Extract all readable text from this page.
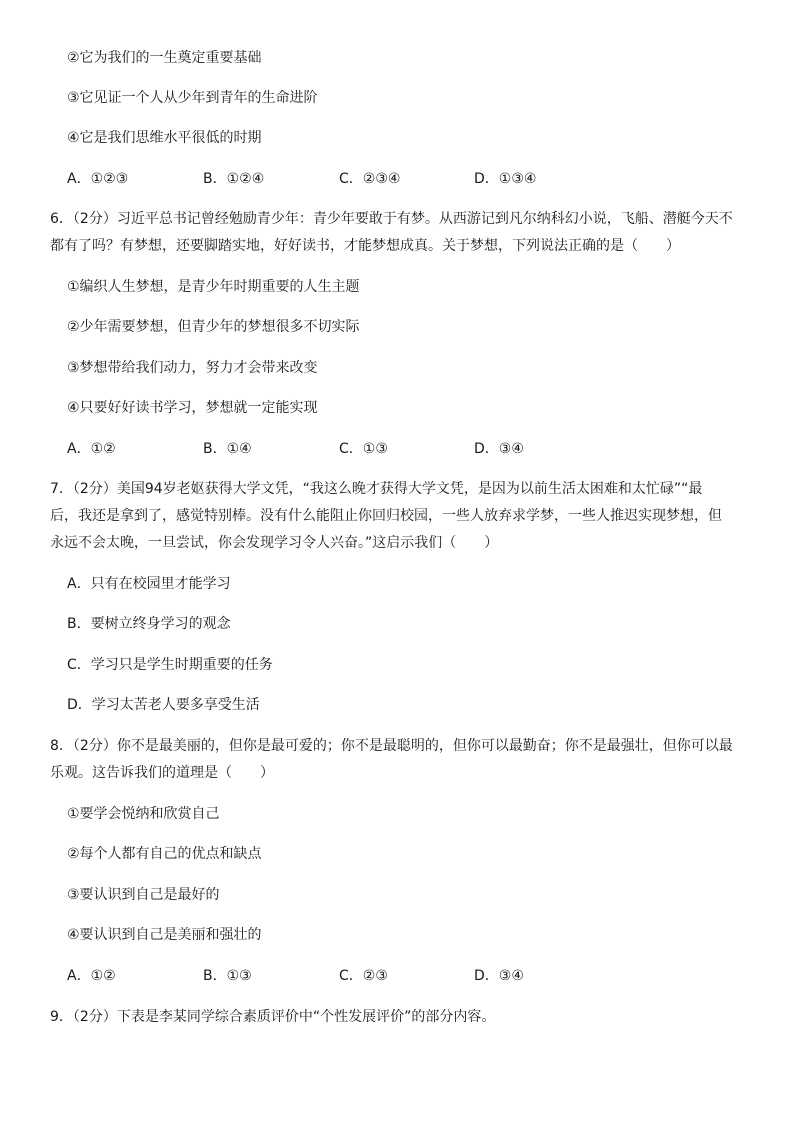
②它为我们的一生奠定重要基础
③它见证一个人从少年到青年的生命进阶
④它是我们思维水平很低的时期
A．①②③	B．①②④	C．②③④	D．①③④
6．（2分）习近平总书记曾经勉励青少年：青少年要敢于有梦。从西游记到凡尔纳科幻小说，飞船、潜艇今天不
都有了吗？有梦想，还要脚踏实地，好好读书，才能梦想成真。关于梦想，下列说法正确的是（　　）
①编织人生梦想，是青少年时期重要的人生主题
②少年需要梦想，但青少年的梦想很多不切实际
③梦想带给我们动力，努力才会带来改变
④只要好好读书学习，梦想就一定能实现
A．①②	B．①④	C．①③	D．③④
7．（2分）美国94岁老妪获得大学文凭，“我这么晚才获得大学文凭，是因为以前生活太困难和太忙碌”“最
后，我还是拿到了，感觉特别棒。没有什么能阻止你回归校园，一些人放弃求学梦，一些人推迟实现梦想，但
永远不会太晚，一旦尝试，你会发现学习令人兴奋。”这启示我们（　　）
A．只有在校园里才能学习
B．要树立终身学习的观念
C．学习只是学生时期重要的任务
D．学习太苦老人要多享受生活
8．（2分）你不是最美丽的，但你是最可爱的；你不是最聪明的，但你可以最勤奋；你不是最强壮，但你可以最
乐观。这告诉我们的道理是（　　）
①要学会悦纳和欣赏自己
②每个人都有自己的优点和缺点
③要认识到自己是最好的
④要认识到自己是美丽和强壮的
A．①②	B．①③	C．②③	D．③④
9．（2分）下表是李某同学综合素质评价中“个性发展评价”的部分内容。
